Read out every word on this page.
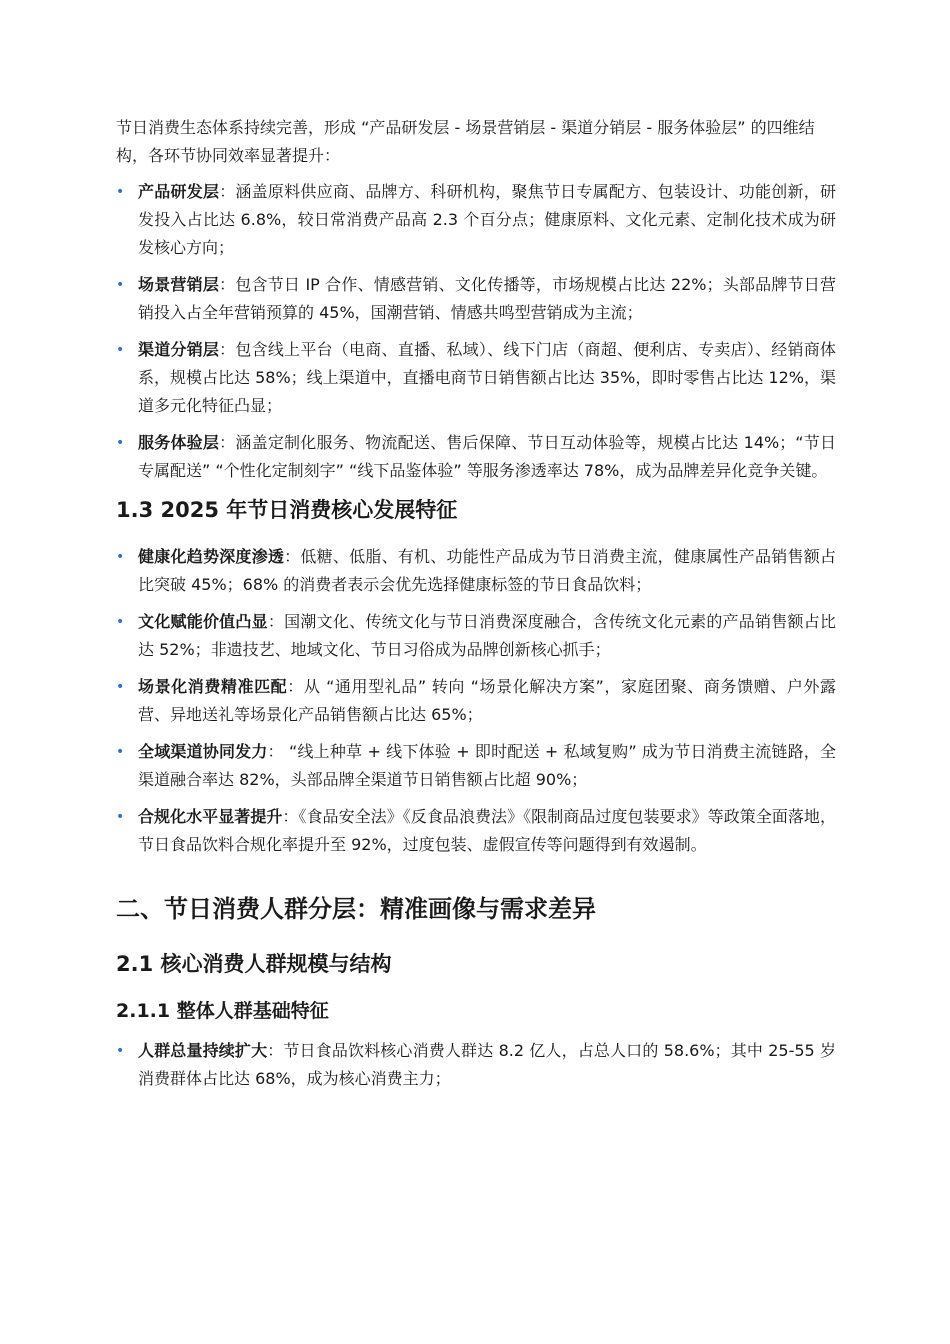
节日消费生态体系持续完善，形成 “产品研发层 - 场景营销层 - 渠道分销层 - 服务体验层” 的四维结构，各环节协同效率显著提升：

• 产品研发层：涵盖原料供应商、品牌方、科研机构，聚焦节日专属配方、包装设计、功能创新，研发投入占比达 6.8%，较日常消费产品高 2.3 个百分点；健康原料、文化元素、定制化技术成为研发核心方向；
• 场景营销层：包含节日 IP 合作、情感营销、文化传播等，市场规模占比达 22%；头部品牌节日营销投入占全年营销预算的 45%，国潮营销、情感共鸣型营销成为主流；
• 渠道分销层：包含线上平台（电商、直播、私域）、线下门店（商超、便利店、专卖店）、经销商体系，规模占比达 58%；线上渠道中，直播电商节日销售额占比达 35%，即时零售占比达 12%，渠道多元化特征凸显；
• 服务体验层：涵盖定制化服务、物流配送、售后保障、节日互动体验等，规模占比达 14%；“节日专属配送” “个性化定制刻字” “线下品鉴体验” 等服务渗透率达 78%，成为品牌差异化竞争关键。
1.3 2025 年节日消费核心发展特征
• 健康化趋势深度渗透：低糖、低脂、有机、功能性产品成为节日消费主流，健康属性产品销售额占比突破 45%；68% 的消费者表示会优先选择健康标签的节日食品饮料；
• 文化赋能价值凸显：国潮文化、传统文化与节日消费深度融合，含传统文化元素的产品销售额占比达 52%；非遗技艺、地域文化、节日习俗成为品牌创新核心抓手；
• 场景化消费精准匹配：从 “通用型礼品” 转向 “场景化解决方案”，家庭团聚、商务馈赠、户外露营、异地送礼等场景化产品销售额占比达 65%；
• 全域渠道协同发力： “线上种草 + 线下体验 + 即时配送 + 私域复购” 成为节日消费主流链路，全渠道融合率达 82%，头部品牌全渠道节日销售额占比超 90%；
• 合规化水平显著提升：《食品安全法》《反食品浪费法》《限制商品过度包装要求》等政策全面落地，节日食品饮料合规化率提升至 92%，过度包装、虚假宣传等问题得到有效遏制。
二、节日消费人群分层：精准画像与需求差异
2.1 核心消费人群规模与结构
2.1.1 整体人群基础特征
• 人群总量持续扩大：节日食品饮料核心消费人群达 8.2 亿人，占总人口的 58.6%；其中 25-55 岁消费群体占比达 68%，成为核心消费主力；
